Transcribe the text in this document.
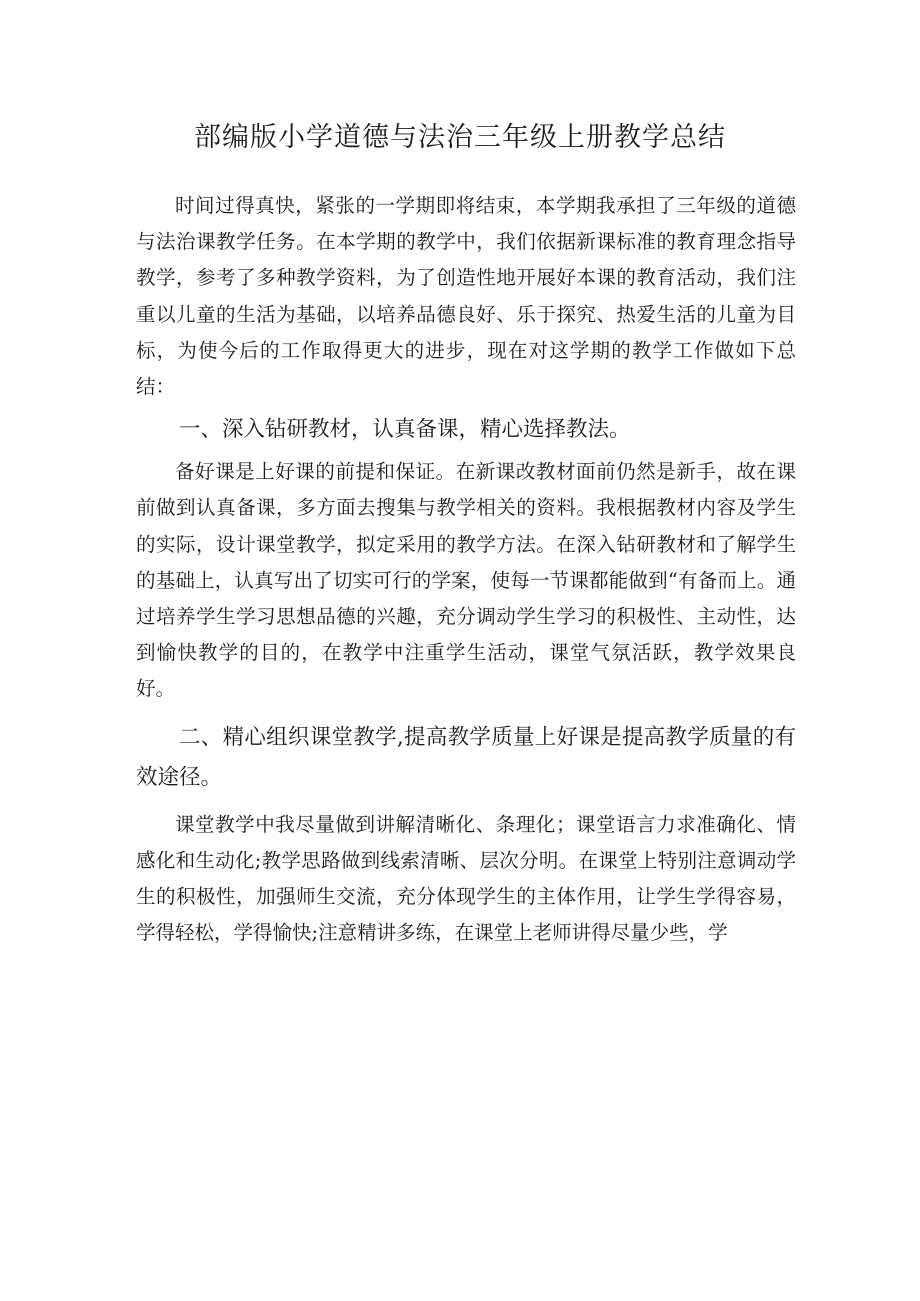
部编版小学道德与法治三年级上册教学总结

时间过得真快，紧张的一学期即将结束，本学期我承担了三年级的道德与法治课教学任务。在本学期的教学中，我们依据新课标准的教育理念指导教学，参考了多种教学资料，为了创造性地开展好本课的教育活动，我们注重以儿童的生活为基础，以培养品德良好、乐于探究、热爱生活的儿童为目标，为使今后的工作取得更大的进步，现在对这学期的教学工作做如下总结：

一、深入钻研教材，认真备课，精心选择教法。

备好课是上好课的前提和保证。在新课改教材面前仍然是新手，故在课前做到认真备课，多方面去搜集与教学相关的资料。我根据教材内容及学生的实际，设计课堂教学，拟定采用的教学方法。在深入钻研教材和了解学生的基础上，认真写出了切实可行的学案，使每一节课都能做到“有备而上。通过培养学生学习思想品德的兴趣，充分调动学生学习的积极性、主动性，达到愉快教学的目的，在教学中注重学生活动，课堂气氛活跃，教学效果良好。

二、精心组织课堂教学,提高教学质量上好课是提高教学质量的有效途径。

课堂教学中我尽量做到讲解清晰化、条理化；课堂语言力求准确化、情感化和生动化;教学思路做到线索清晰、层次分明。在课堂上特别注意调动学生的积极性，加强师生交流，充分体现学生的主体作用，让学生学得容易，学得轻松，学得愉快;注意精讲多练，在课堂上老师讲得尽量少些，学
